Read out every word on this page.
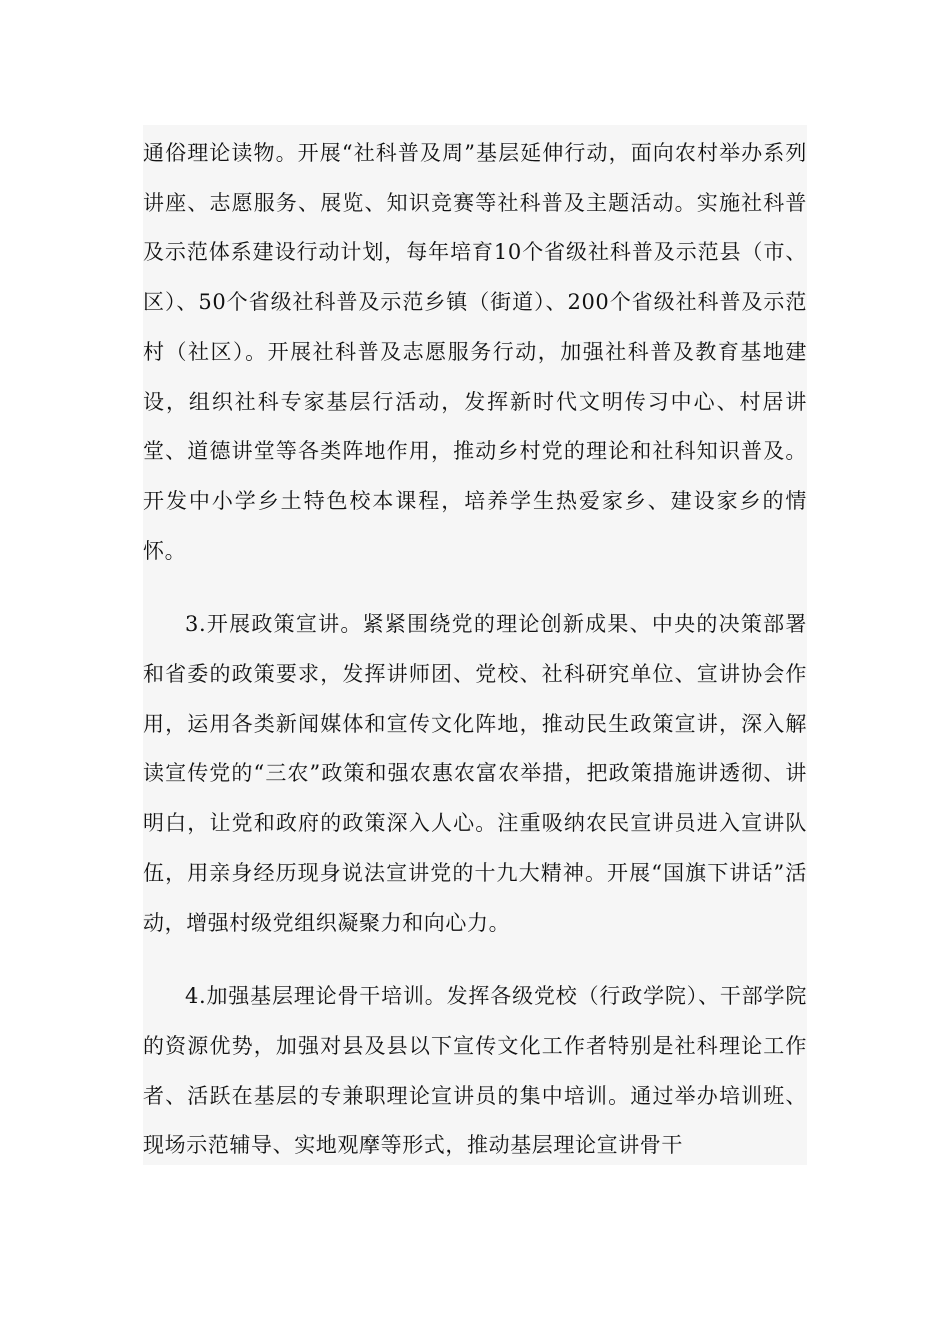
通俗理论读物。开展“社科普及周”基层延伸行动，面向农村举办系列讲座、志愿服务、展览、知识竞赛等社科普及主题活动。实施社科普及示范体系建设行动计划，每年培育10个省级社科普及示范县（市、区）、50个省级社科普及示范乡镇（街道）、200个省级社科普及示范村（社区）。开展社科普及志愿服务行动，加强社科普及教育基地建设，组织社科专家基层行活动，发挥新时代文明传习中心、村居讲堂、道德讲堂等各类阵地作用，推动乡村党的理论和社科知识普及。开发中小学乡土特色校本课程，培养学生热爱家乡、建设家乡的情怀。

3.开展政策宣讲。紧紧围绕党的理论创新成果、中央的决策部署和省委的政策要求，发挥讲师团、党校、社科研究单位、宣讲协会作用，运用各类新闻媒体和宣传文化阵地，推动民生政策宣讲，深入解读宣传党的“三农”政策和强农惠农富农举措，把政策措施讲透彻、讲明白，让党和政府的政策深入人心。注重吸纳农民宣讲员进入宣讲队伍，用亲身经历现身说法宣讲党的十九大精神。开展“国旗下讲话”活动，增强村级党组织凝聚力和向心力。

4.加强基层理论骨干培训。发挥各级党校（行政学院）、干部学院的资源优势，加强对县及县以下宣传文化工作者特别是社科理论工作者、活跃在基层的专兼职理论宣讲员的集中培训。通过举办培训班、现场示范辅导、实地观摩等形式，推动基层理论宣讲骨干
